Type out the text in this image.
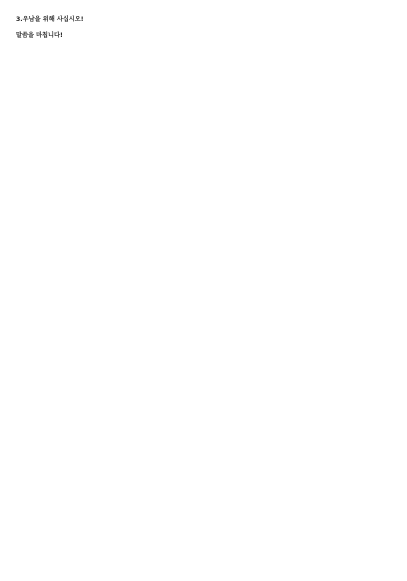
3.우남을 위해 사십시오!

말씀을 마칩니다!
